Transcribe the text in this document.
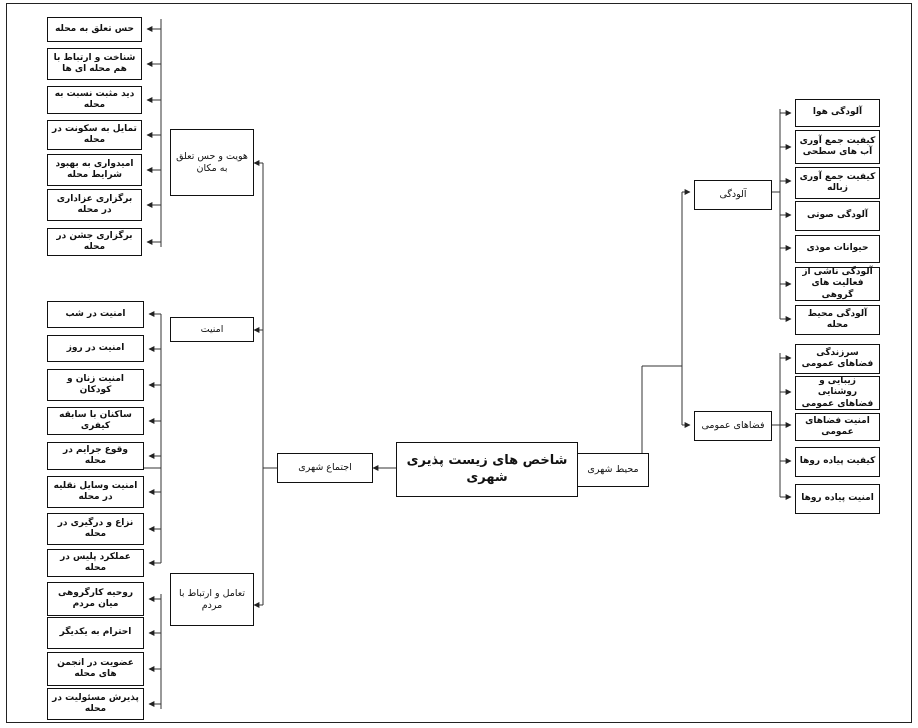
شاخص های زیست پذیری شهری
اجتماع شهری
هویت و حس تعلق به مکان
امنیت
تعامل و ارتباط با مردم
حس تعلق به محله
شناخت و ارتباط با هم محله ای ها
دید مثبت نسبت به محله
تمایل به سکونت در محله
امیدواری به بهبود شرایط محله
برگزاری عزاداری در محله
برگزاری جشن در محله
امنیت در شب
امنیت در روز
امنیت زنان و کودکان
ساکنان با سابقه کیفری
وقوع جرایم در محله
امنیت وسایل نقلیه در محله
نزاع و درگیری در محله
عملکرد پلیس در محله
روحیه کارگروهی میان مردم
احترام به یکدیگر
عضویت در انجمن های محله
پذیرش مسئولیت در محله
محیط شهری
آلودگی
فضاهای عمومی
آلودگی هوا
کیفیت جمع آوری آب های سطحی
کیفیت جمع آوری زباله
آلودگی صوتی
حیوانات موذی
آلودگی ناشی از فعالیت های گروهی
آلودگی محیط محله
سرزندگی فضاهای عمومی
زیبایی و روشنایی فضاهای عمومی
امنیت فضاهای عمومی
کیفیت پیاده روها
امنیت پیاده روها
